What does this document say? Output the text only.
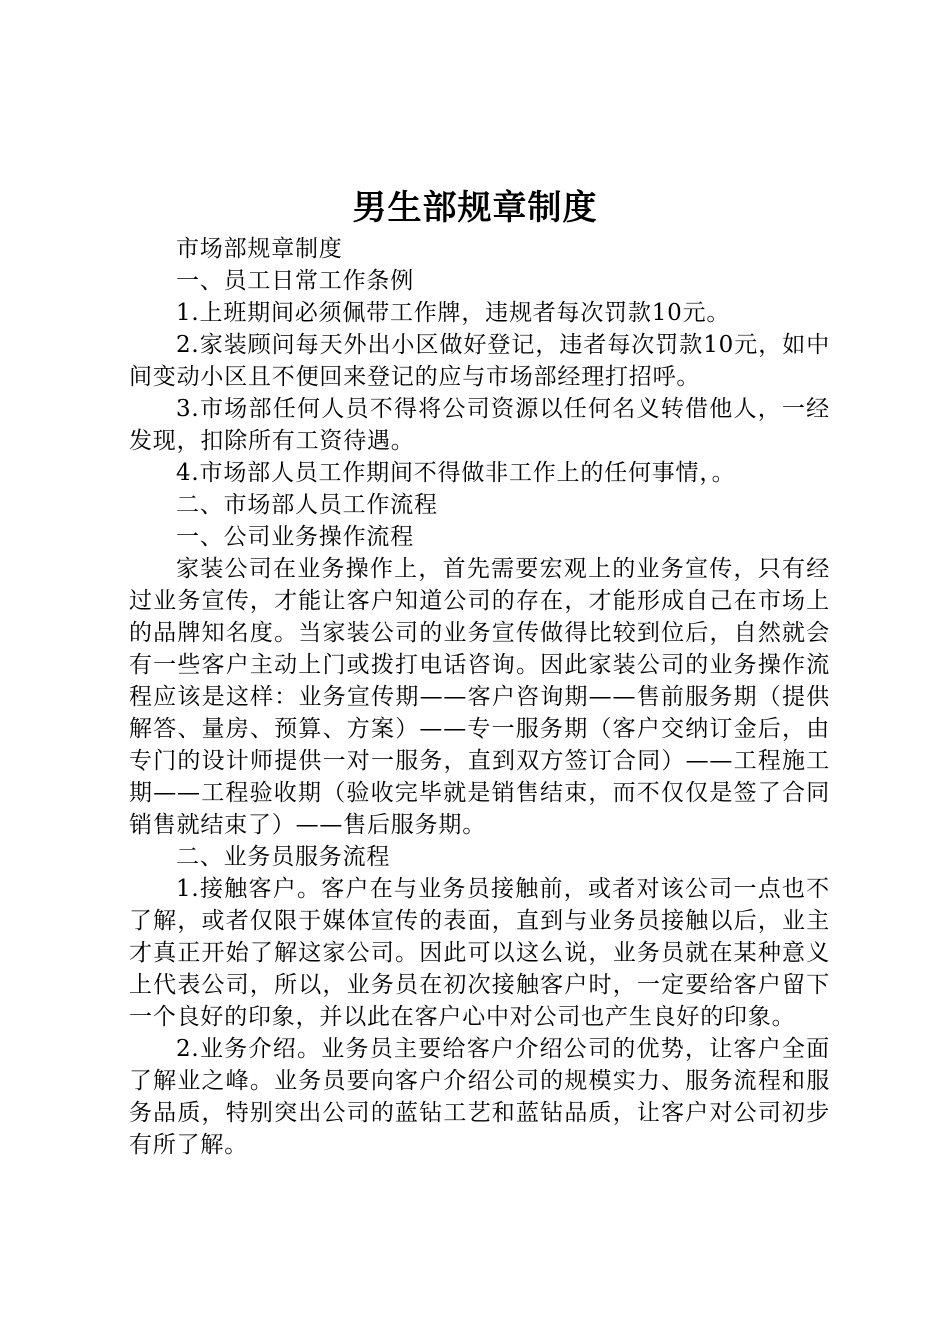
男生部规章制度

市场部规章制度

一、员工日常工作条例

1.上班期间必须佩带工作牌，违规者每次罚款10元。

2.家装顾问每天外出小区做好登记，违者每次罚款10元，如中间变动小区且不便回来登记的应与市场部经理打招呼。

3.市场部任何人员不得将公司资源以任何名义转借他人，一经发现，扣除所有工资待遇。

4.市场部人员工作期间不得做非工作上的任何事情，。

二、市场部人员工作流程

一、公司业务操作流程

家装公司在业务操作上，首先需要宏观上的业务宣传，只有经过业务宣传，才能让客户知道公司的存在，才能形成自己在市场上的品牌知名度。当家装公司的业务宣传做得比较到位后，自然就会有一些客户主动上门或拨打电话咨询。因此家装公司的业务操作流程应该是这样：业务宣传期——客户咨询期——售前服务期（提供解答、量房、预算、方案）——专一服务期（客户交纳订金后，由专门的设计师提供一对一服务，直到双方签订合同）——工程施工期——工程验收期（验收完毕就是销售结束，而不仅仅是签了合同销售就结束了）——售后服务期。

二、业务员服务流程

1.接触客户。客户在与业务员接触前，或者对该公司一点也不了解，或者仅限于媒体宣传的表面，直到与业务员接触以后，业主才真正开始了解这家公司。因此可以这么说，业务员就在某种意义上代表公司，所以，业务员在初次接触客户时，一定要给客户留下一个良好的印象，并以此在客户心中对公司也产生良好的印象。

2.业务介绍。业务员主要给客户介绍公司的优势，让客户全面了解业之峰。业务员要向客户介绍公司的规模实力、服务流程和服务品质，特别突出公司的蓝钻工艺和蓝钻品质，让客户对公司初步有所了解。
